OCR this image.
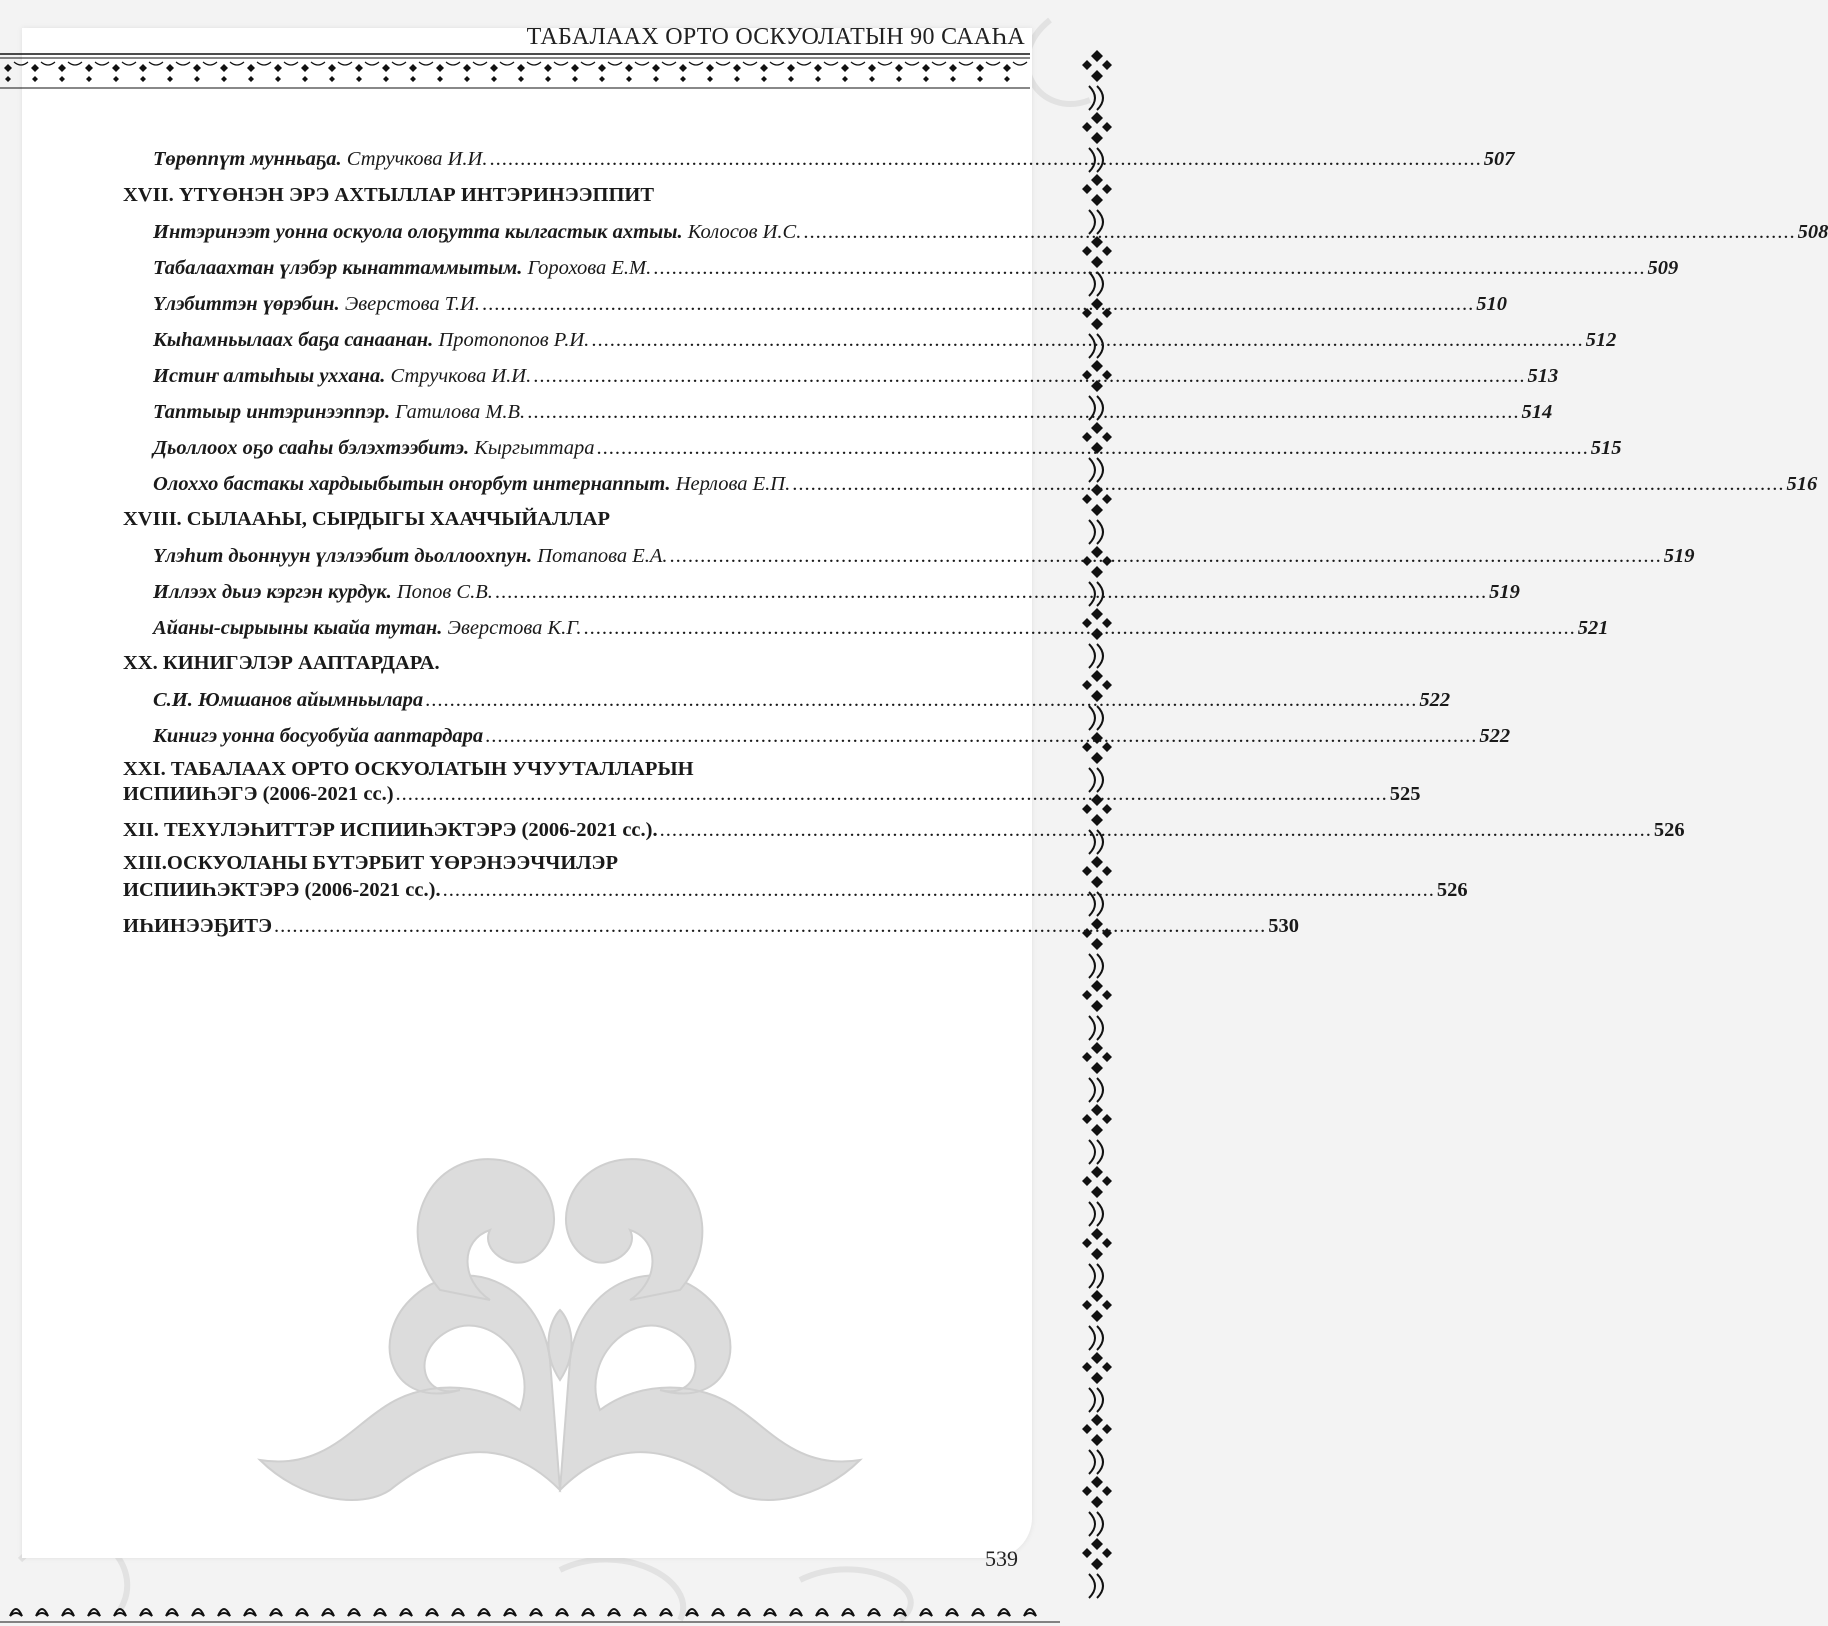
ТАБАЛААХ ОРТО ОСКУОЛАТЫН 90 СААҺА
Төрөппүт мунньаҕа. Стручкова И.И. .................................................................................................................................................................. 507
XVII. ҮТҮӨНЭН ЭРЭ АХТЫЛЛАР ИНТЭРИНЭЭППИТ
Интэринээт уонна оскуола олоҕутта кылгастык ахтыы. Колосов И.С. .................................................................................................................................................................. 508
Табалаахтан үлэбэр кынаттаммытым. Горохова Е.М. .................................................................................................................................................................. 509
Үлэбиттэн үөрэбин. Эверстова Т.И. .................................................................................................................................................................. 510
Кыһамньылаах баҕа санаанан. Протопопов Р.И. .................................................................................................................................................................. 512
Истиҥ алтыһыы уххана. Стручкова И.И. .................................................................................................................................................................. 513
Таптыыр интэринээппэр. Гатилова М.В. .................................................................................................................................................................. 514
Дьоллоох оҕо сааһы бэлэхтээбитэ. Кыргыттара .................................................................................................................................................................. 515
Олоххо бастакы хардыыбытын оҥорбут интернаппыт. Нерлова Е.П. .................................................................................................................................................................. 516
XVIII. СЫЛААҺЫ, СЫРДЫГЫ ХААЧЧЫЙАЛЛАР
Үлэһит дьоннуун үлэлээбит дьоллоохпун. Потапова Е.А. .................................................................................................................................................................. 519
Иллээх дьиэ кэргэн курдук. Попов С.В. .................................................................................................................................................................. 519
Айаны-сырыыны кыайа тутан. Эверстова К.Г. .................................................................................................................................................................. 521
ХХ. КИНИГЭЛЭР ААПТАРДАРА.
С.И. Юмшанов айымньылара .................................................................................................................................................................. 522
Кинигэ уонна босуобуйа ааптардара .................................................................................................................................................................. 522
XXI. ТАБАЛААХ ОРТО ОСКУОЛАТЫН УЧУУТАЛЛАРЫН
ИСПИИҺЭГЭ (2006-2021 сс.) .................................................................................................................................................................. 525
XII. ТЕХҮЛЭҺИТТЭР ИСПИИҺЭКТЭРЭ (2006-2021 сс.). .................................................................................................................................................................. 526
XIII.ОСКУОЛАНЫ БҮТЭРБИТ ҮӨРЭНЭЭЧЧИЛЭР
ИСПИИҺЭКТЭРЭ (2006-2021 сс.). .................................................................................................................................................................. 526
ИҺИНЭЭҔИТЭ .................................................................................................................................................................. 530
539
